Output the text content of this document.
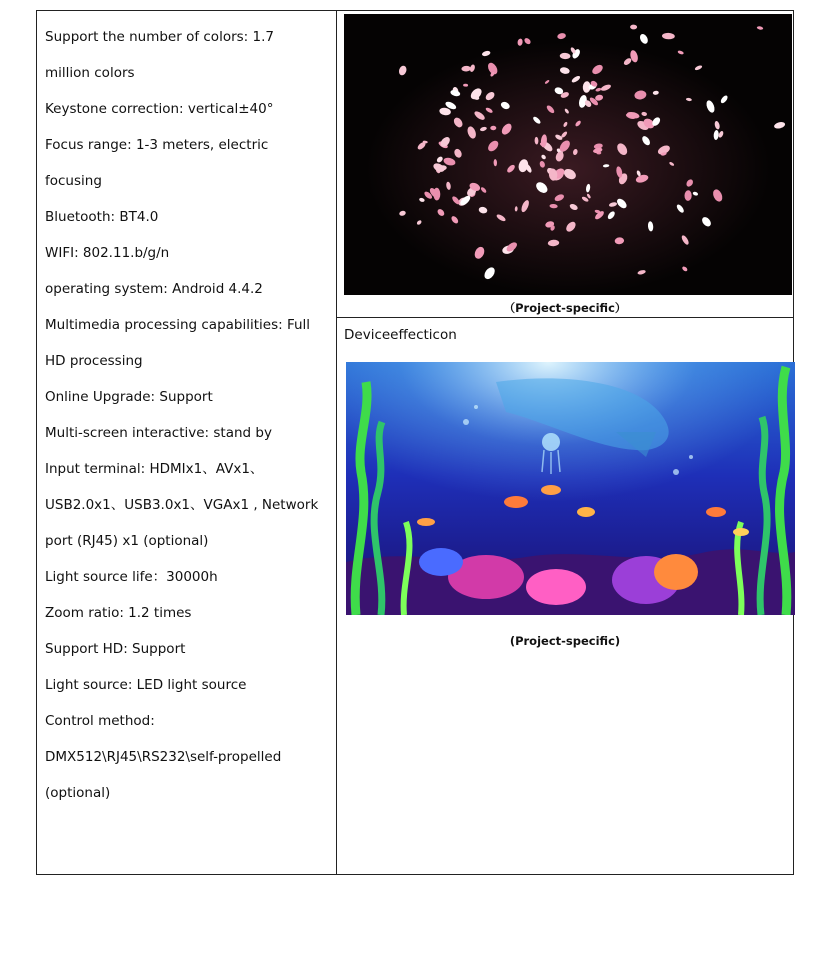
Support the number of colors: 1.7
million colors
Keystone correction: vertical±40°
Focus range: 1-3 meters, electric
focusing
Bluetooth: BT4.0
WIFI: 802.11.b/g/n
operating system: Android 4.4.2
Multimedia processing capabilities: Full
HD processing
Online Upgrade: Support
Multi-screen interactive: stand by
Input terminal: HDMIx1、AVx1、
USB2.0x1、USB3.0x1、VGAx1 , Network
port (RJ45) x1 (optional)
Light source life：30000h
Zoom ratio: 1.2 times
Support HD: Support
Light source: LED light source
Control method:
DMX512\RJ45\RS232\self-propelled
(optional)
（Project-specific）
Deviceeffecticon
(Project-specific)
